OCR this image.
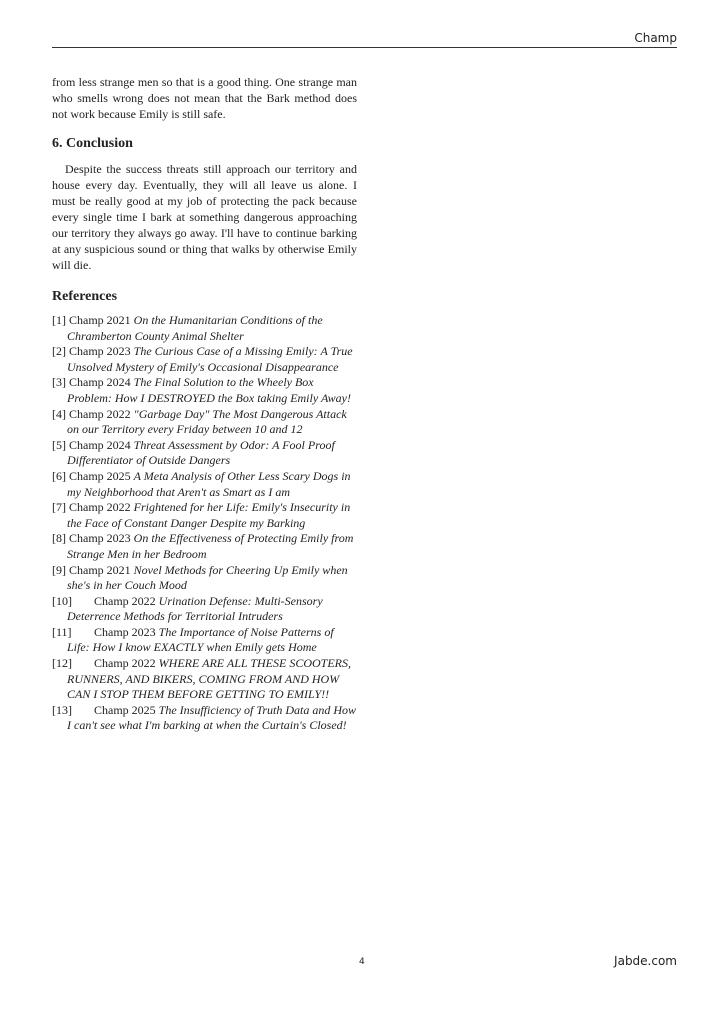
Champ

from less strange men so that is a good thing. One strange man who smells wrong does not mean that the Bark method does not work because Emily is still safe.

6. Conclusion

Despite the success threats still approach our territory and house every day. Eventually, they will all leave us alone. I must be really good at my job of protecting the pack because every single time I bark at something dangerous approaching our territory they always go away. I'll have to continue barking at any suspicious sound or thing that walks by otherwise Emily will die.

References
[1] Champ 2021 On the Humanitarian Conditions of the Chramberton County Animal Shelter
[2] Champ 2023 The Curious Case of a Missing Emily: A True Unsolved Mystery of Emily's Occasional Disappearance
[3] Champ 2024 The Final Solution to the Wheely Box Problem: How I DESTROYED the Box taking Emily Away!
[4] Champ 2022 "Garbage Day" The Most Dangerous Attack on our Territory every Friday between 10 and 12
[5] Champ 2024 Threat Assessment by Odor: A Fool Proof Differentiator of Outside Dangers
[6] Champ 2025 A Meta Analysis of Other Less Scary Dogs in my Neighborhood that Aren't as Smart as I am
[7] Champ 2022 Frightened for her Life: Emily's Insecurity in the Face of Constant Danger Despite my Barking
[8] Champ 2023 On the Effectiveness of Protecting Emily from Strange Men in her Bedroom
[9] Champ 2021 Novel Methods for Cheering Up Emily when she's in her Couch Mood
[10] Champ 2022 Urination Defense: Multi-Sensory Deterrence Methods for Territorial Intruders
[11] Champ 2023 The Importance of Noise Patterns of Life: How I know EXACTLY when Emily gets Home
[12] Champ 2022 WHERE ARE ALL THESE SCOOTERS, RUNNERS, AND BIKERS, COMING FROM AND HOW CAN I STOP THEM BEFORE GETTING TO EMILY!!
[13] Champ 2025 The Insufficiency of Truth Data and How I can't see what I'm barking at when the Curtain's Closed!
4	Jabde.com
